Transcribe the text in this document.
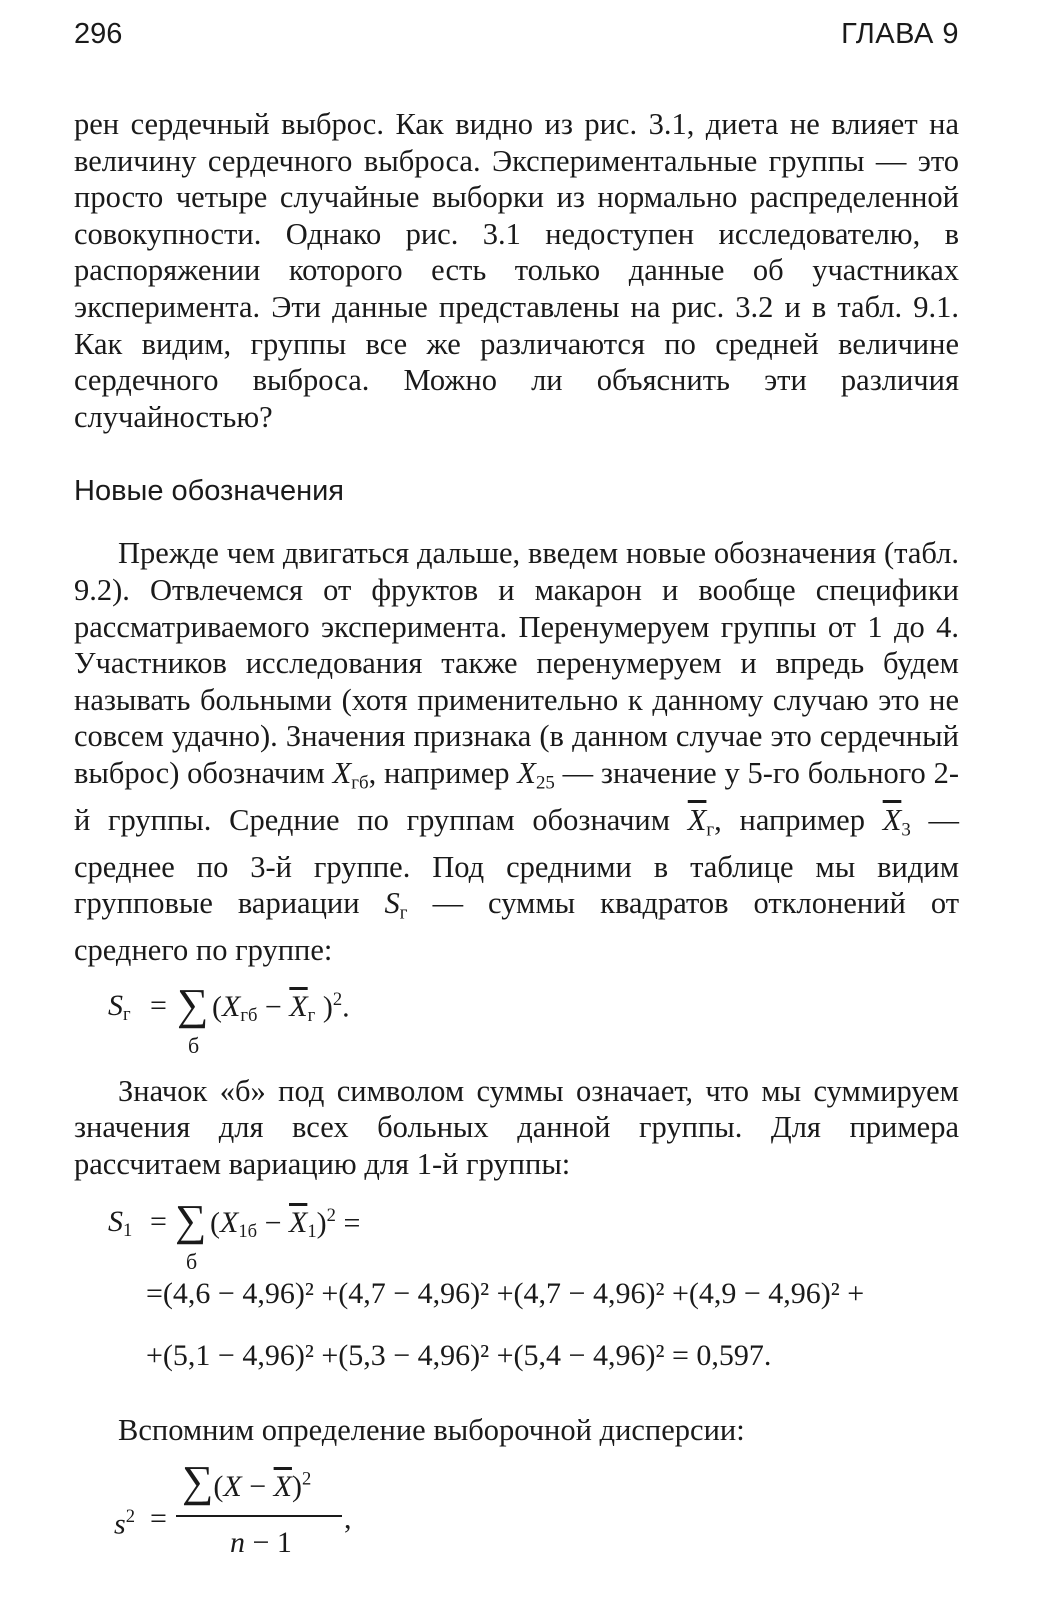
296	ГЛАВА 9

рен сердечный выброс. Как видно из рис. 3.1, диета не влияет на величину сердечного выброса. Экспериментальные группы — это просто четыре случайные выборки из нормально распределенной совокупности. Однако рис. 3.1 недоступен исследователю, в распоряжении которого есть только данные об участниках эксперимента. Эти данные представлены на рис. 3.2 и в табл. 9.1. Как видим, группы все же различаются по средней величине сердечного выброса. Можно ли объяснить эти различия случайностью?

Новые обозначения

Прежде чем двигаться дальше, введем новые обозначения (табл. 9.2). Отвлечемся от фруктов и макарон и вообще специфики рассматриваемого эксперимента. Перенумеруем группы от 1 до 4. Участников исследования также перенумеруем и впредь будем называть больными (хотя применительно к данному случаю это не совсем удачно). Значения признака (в данном случае это сердечный выброс) обозначим Xгб, например X25 — значение у 5-го больного 2-й группы. Средние по группам обозначим $\overline{X}г$, например $\overline{X}3$ — среднее по 3-й группе. Под средними в таблице мы видим групповые вариации Sг — суммы квадратов отклонений от среднего по группе:

Sг = ∑
б
($Xгб - \overline{X}г$ )$^2$.

Значок «б» под символом суммы означает, что мы суммируем значения для всех больных данной группы. Для примера рассчитаем вариацию для 1-й группы:

S1 = ∑
б
$(X1б - \overline{X}1)^2$ =
=(4,6 − 4,96)² +(4,7 − 4,96)² +(4,7 − 4,96)² +(4,9 − 4,96)² +
+(5,1 − 4,96)² +(5,3 − 4,96)² +(5,4 − 4,96)² = 0,597.

Вспомним определение выборочной дисперсии:

$s^2$ =
$\sum(X - \overline{X})^2$
n − 1
,
